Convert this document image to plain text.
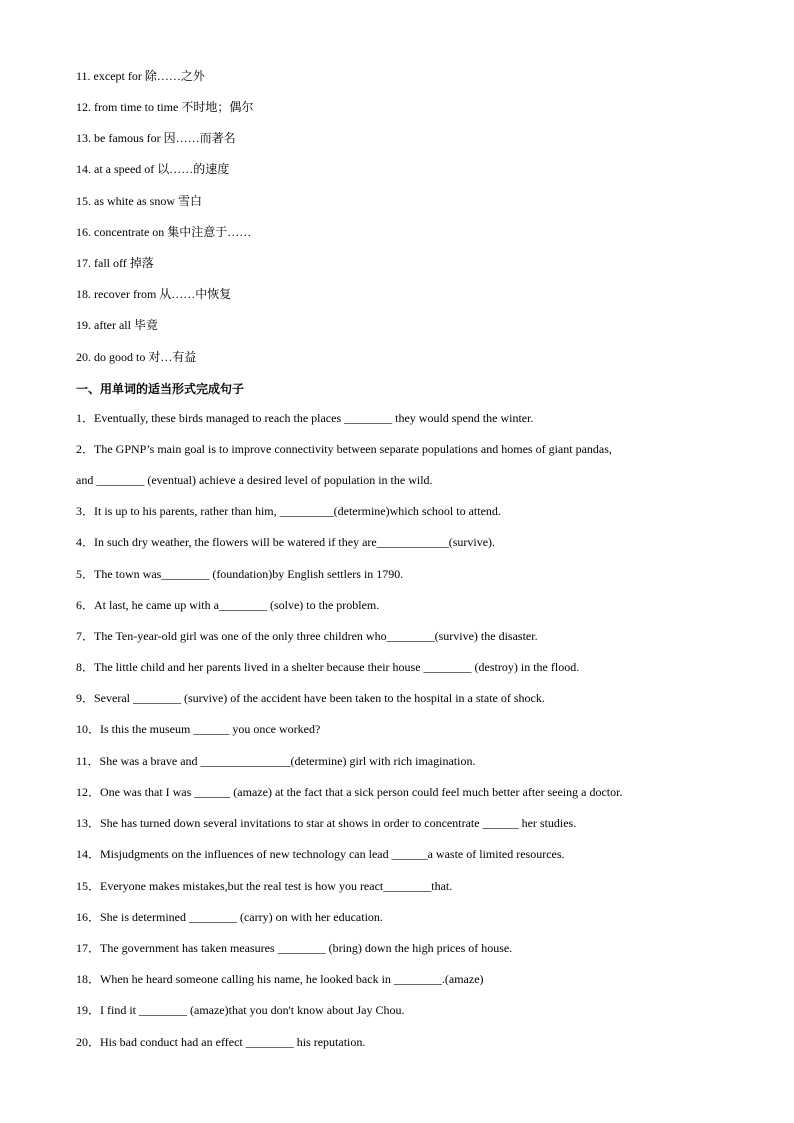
11. except for 除……之外
12. from time to time 不时地；偶尔
13. be famous for 因……而著名
14. at a speed of 以……的速度
15. as white as snow 雪白
16. concentrate on 集中注意于……
17. fall off 掉落
18. recover from 从……中恢复
19. after all 毕竟
20. do good to 对…有益
一、用单词的适当形式完成句子
1．Eventually, these birds managed to reach the places ________ they would spend the winter.
2．The GPNP’s main goal is to improve connectivity between separate populations and homes of giant pandas,
and ________ (eventual) achieve a desired level of population in the wild.
3．It is up to his parents, rather than him, _________(determine)which school to attend.
4．In such dry weather, the flowers will be watered if they are____________(survive).
5．The town was________ (foundation)by English settlers in 1790.
6．At last, he came up with a________ (solve) to the problem.
7．The Ten-year-old girl was one of the only three children who________(survive) the disaster.
8．The little child and her parents lived in a shelter because their house ________ (destroy) in the flood.
9．Several ________ (survive) of the accident have been taken to the hospital in a state of shock.
10．Is this the museum ______ you once worked?
11．She was a brave and _______________(determine) girl with rich imagination.
12．One was that I was ______ (amaze) at the fact that a sick person could feel much better after seeing a doctor.
13．She has turned down several invitations to star at shows in order to concentrate ______ her studies.
14．Misjudgments on the influences of new technology can lead ______a waste of limited resources.
15．Everyone makes mistakes,but the real test is how you react________that.
16．She is determined ________ (carry) on with her education.
17．The government has taken measures ________ (bring) down the high prices of house.
18．When he heard someone calling his name, he looked back in ________.(amaze)
19．I find it ________ (amaze)that you don't know about Jay Chou.
20．His bad conduct had an effect ________ his reputation.
